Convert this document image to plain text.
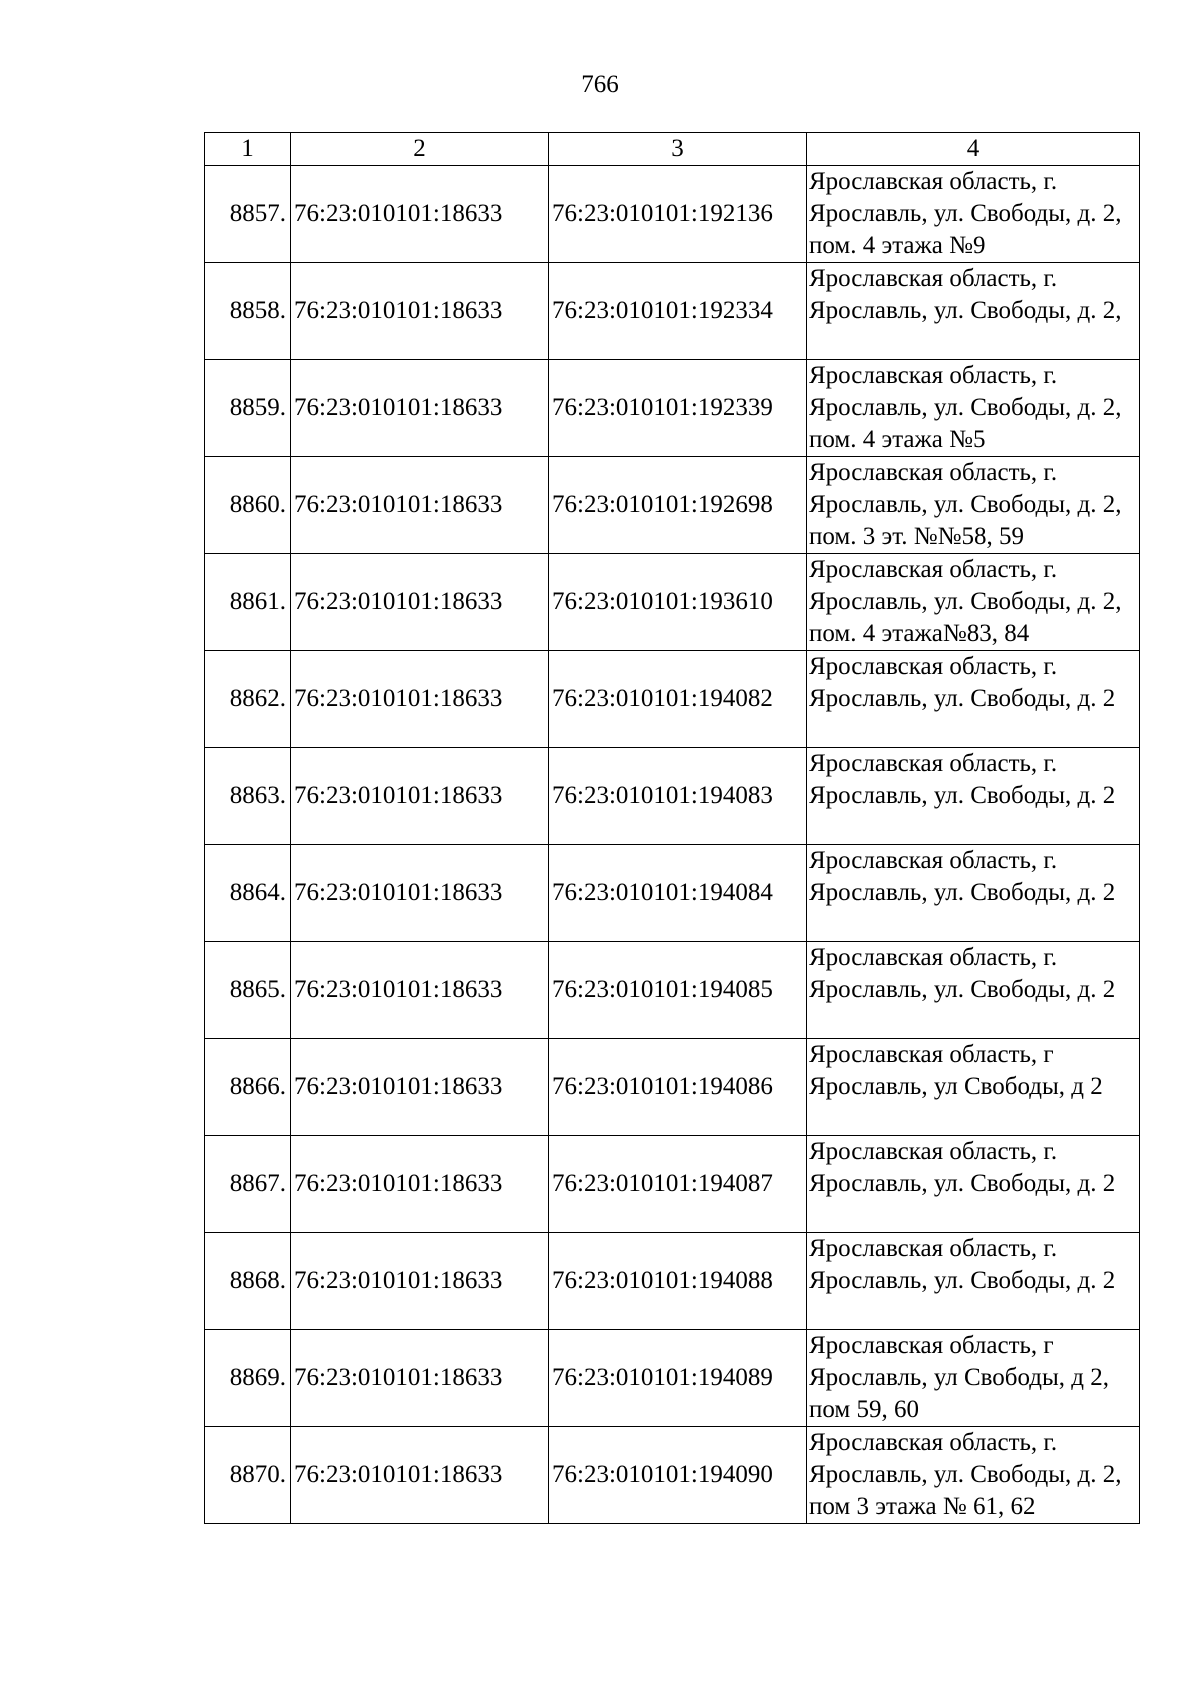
766
1	2	3	4
8857.	76:23:010101:18633	76:23:010101:192136	Ярославская область, г. Ярославль, ул. Свободы, д. 2, пом. 4 этажа №9
8858.	76:23:010101:18633	76:23:010101:192334	Ярославская область, г. Ярославль, ул. Свободы, д. 2,
8859.	76:23:010101:18633	76:23:010101:192339	Ярославская область, г. Ярославль, ул. Свободы, д. 2, пом. 4 этажа №5
8860.	76:23:010101:18633	76:23:010101:192698	Ярославская область, г. Ярославль, ул. Свободы, д. 2, пом. 3 эт. №№58, 59
8861.	76:23:010101:18633	76:23:010101:193610	Ярославская область, г. Ярославль, ул. Свободы, д. 2, пом. 4 этажа№83, 84
8862.	76:23:010101:18633	76:23:010101:194082	Ярославская область, г. Ярославль, ул. Свободы, д. 2
8863.	76:23:010101:18633	76:23:010101:194083	Ярославская область, г. Ярославль, ул. Свободы, д. 2
8864.	76:23:010101:18633	76:23:010101:194084	Ярославская область, г. Ярославль, ул. Свободы, д. 2
8865.	76:23:010101:18633	76:23:010101:194085	Ярославская область, г. Ярославль, ул. Свободы, д. 2
8866.	76:23:010101:18633	76:23:010101:194086	Ярославская область, г Ярославль, ул Свободы, д 2
8867.	76:23:010101:18633	76:23:010101:194087	Ярославская область, г. Ярославль, ул. Свободы, д. 2
8868.	76:23:010101:18633	76:23:010101:194088	Ярославская область, г. Ярославль, ул. Свободы, д. 2
8869.	76:23:010101:18633	76:23:010101:194089	Ярославская область, г Ярославль, ул Свободы, д 2, пом 59, 60
8870.	76:23:010101:18633	76:23:010101:194090	Ярославская область, г. Ярославль, ул. Свободы, д. 2, пом 3 этажа № 61, 62
